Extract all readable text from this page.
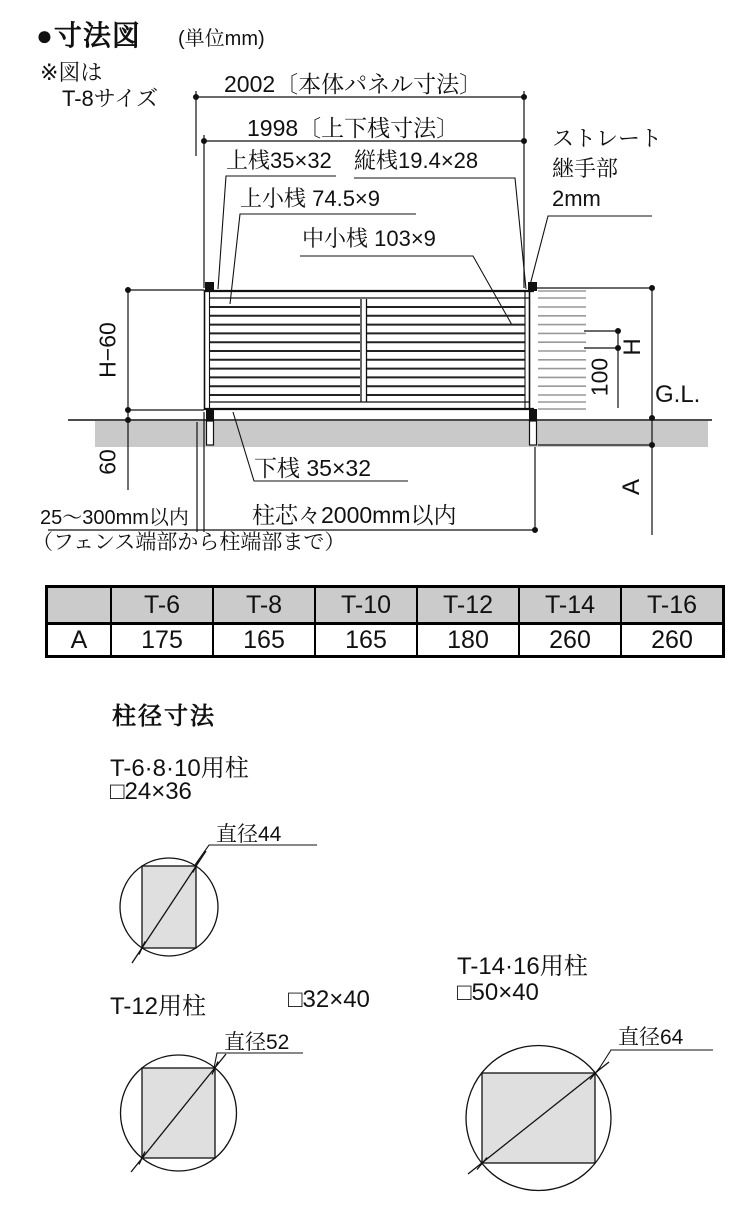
●寸法図 (単位mm)
※図は
T-8サイズ
2002〔本体パネル寸法〕
1998〔上下桟寸法〕
上桟35×32 縦桟19.4×28
上小桟 74.5×9
中小桟 103×9
ストレート
継手部
2mm
H−60
60
100
H
G.L.
A
下桟 35×32
柱芯々2000mm以内
25〜300mm以内
（フェンス端部から柱端部まで）
	T-6	T-8	T-10	T-12	T-14	T-16
A	175	165	165	180	260	260
柱径寸法
T-6·8·10用柱
□24×36
直径44
T-12用柱	□32×40
直径52
T-14·16用柱
□50×40
直径64
